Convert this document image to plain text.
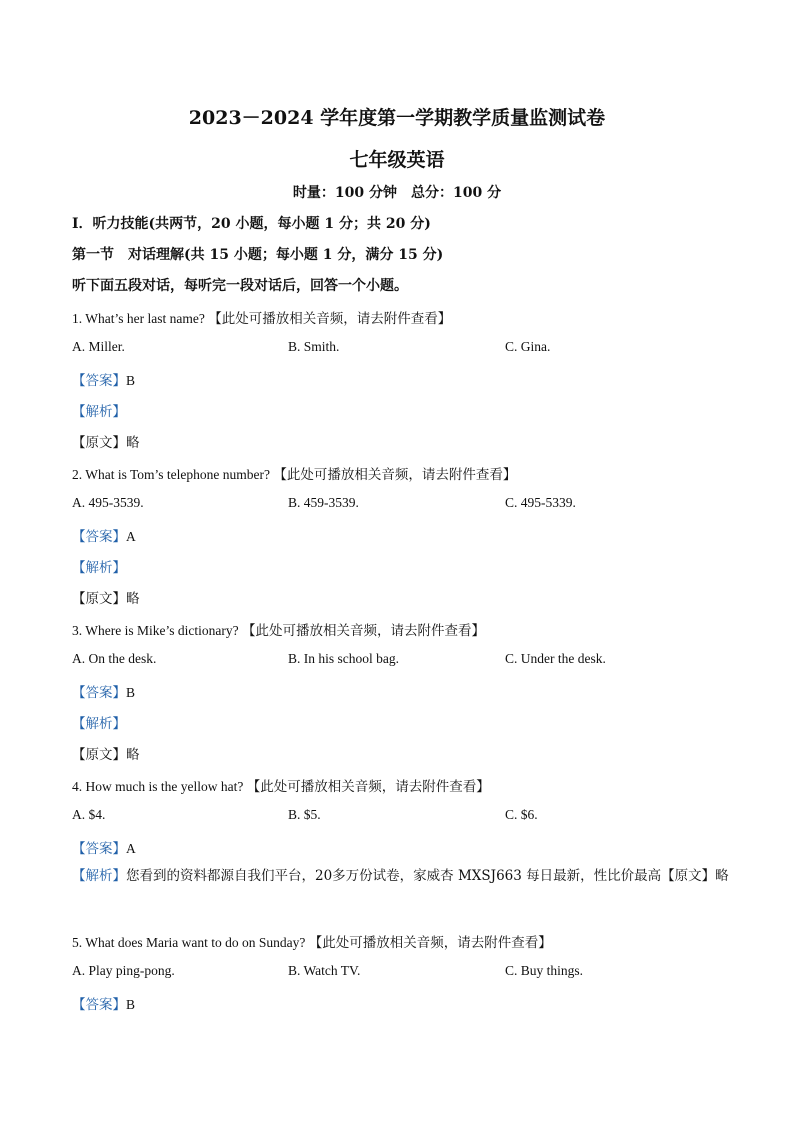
2023－2024 学年度第一学期教学质量监测试卷
七年级英语
时量：100 分钟　总分：100 分
Ⅰ．听力技能(共两节，20 小题，每小题 1 分；共 20 分)
第一节　对话理解(共 15 小题；每小题 1 分，满分 15 分)
听下面五段对话，每听完一段对话后，回答一个小题。
1. What’s her last name? 【此处可播放相关音频，请去附件查看】
A. Miller.	B. Smith.	C. Gina.
【答案】B
【解析】
【原文】略
2. What is Tom’s telephone number? 【此处可播放相关音频，请去附件查看】
A. 495-3539.	B. 459-3539.	C. 495-5339.
【答案】A
【解析】
【原文】略
3. Where is Mike’s dictionary? 【此处可播放相关音频，请去附件查看】
A. On the desk.	B. In his school bag.	C. Under the desk.
【答案】B
【解析】
【原文】略
4. How much is the yellow hat? 【此处可播放相关音频，请去附件查看】
A. $4.	B. $5.	C. $6.
【答案】A
【解析】您看到的资料都源自我们平台，20多万份试卷，家威杏 MXSJ663 每日最新，性比价最高【原文】略
5. What does Maria want to do on Sunday? 【此处可播放相关音频，请去附件查看】
A. Play ping-pong.	B. Watch TV.	C. Buy things.
【答案】B
